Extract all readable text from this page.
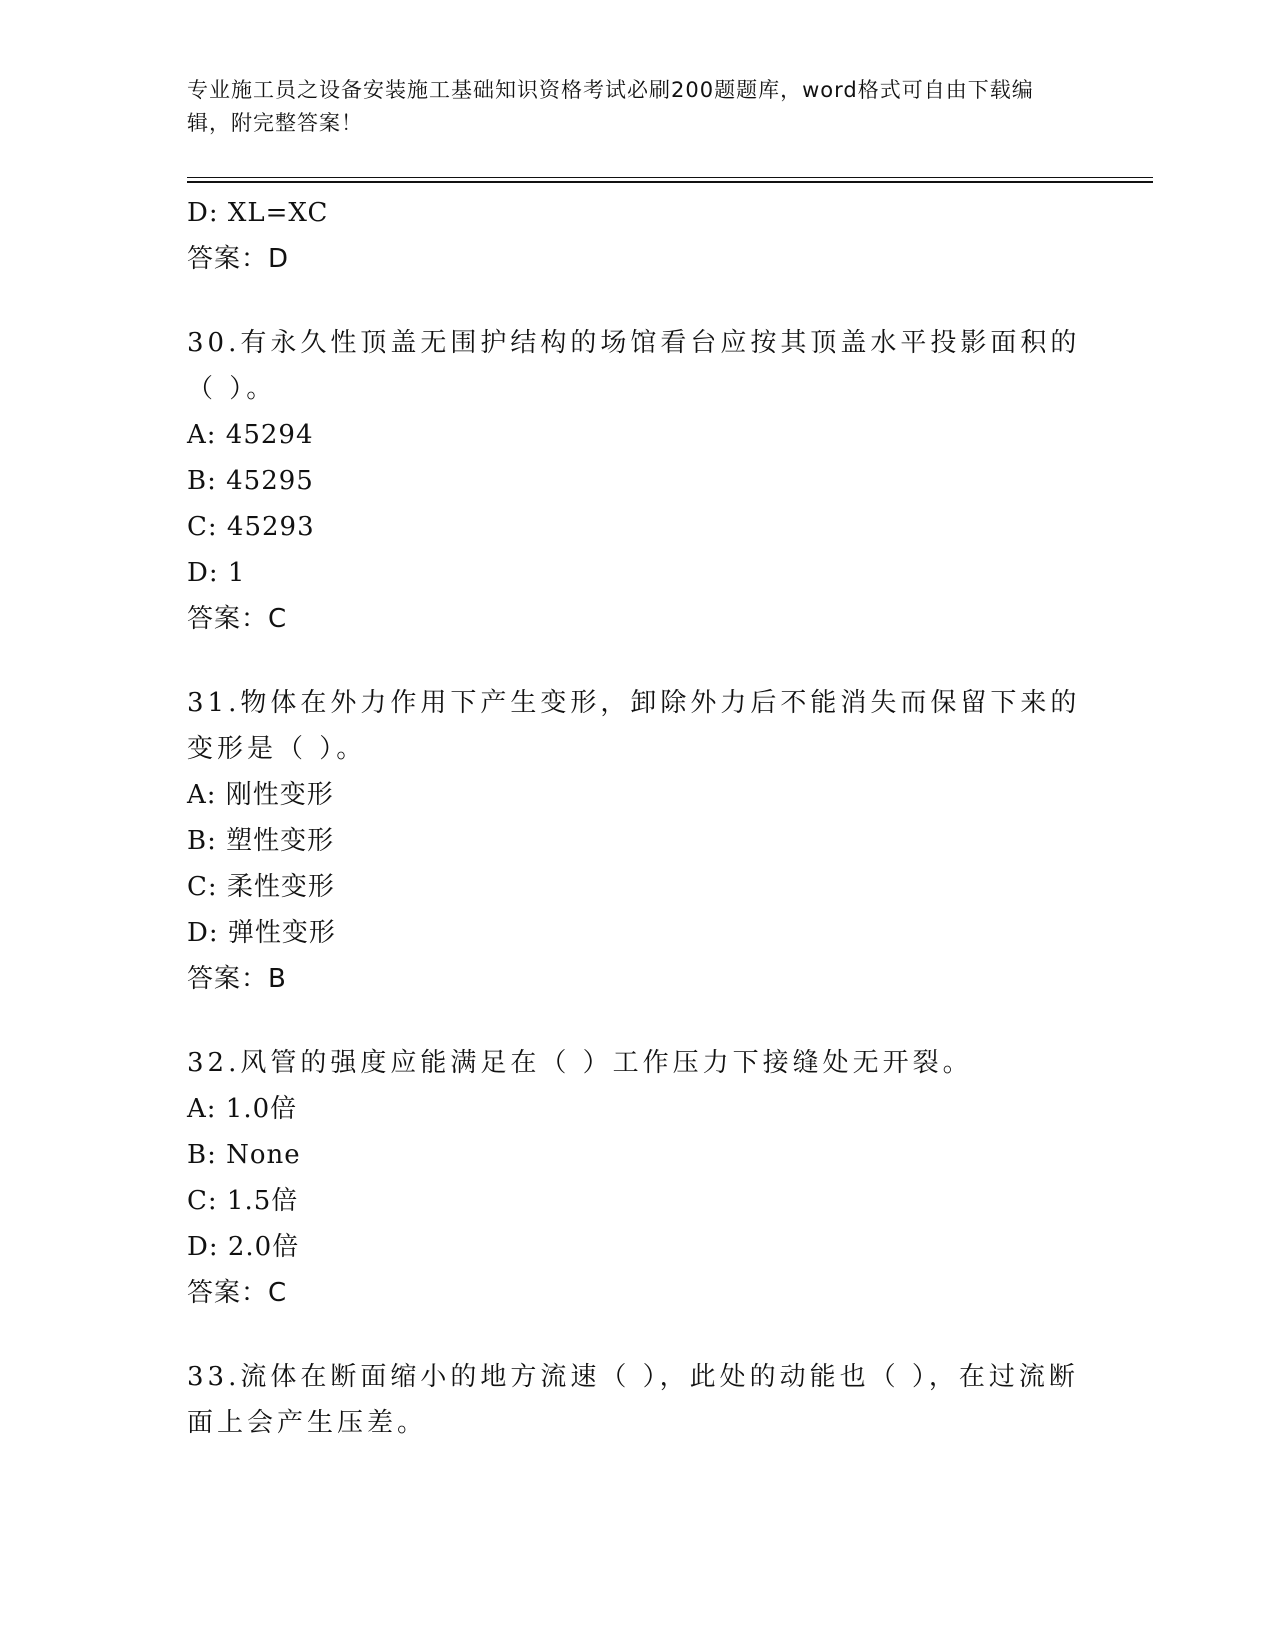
专业施工员之设备安装施工基础知识资格考试必刷200题题库，word格式可自由下载编辑，附完整答案！
D: XL=XC
答案：D
30.有永久性顶盖无围护结构的场馆看台应按其顶盖水平投影面积的（ ）。
A: 45294
B: 45295
C: 45293
D: 1
答案：C
31.物体在外力作用下产生变形，卸除外力后不能消失而保留下来的变形是（ ）。
A: 刚性变形
B: 塑性变形
C: 柔性变形
D: 弹性变形
答案：B
32.风管的强度应能满足在（ ）工作压力下接缝处无开裂。
A: 1.0倍
B: None
C: 1.5倍
D: 2.0倍
答案：C
33.流体在断面缩小的地方流速（ ），此处的动能也（ ），在过流断面上会产生压差。
